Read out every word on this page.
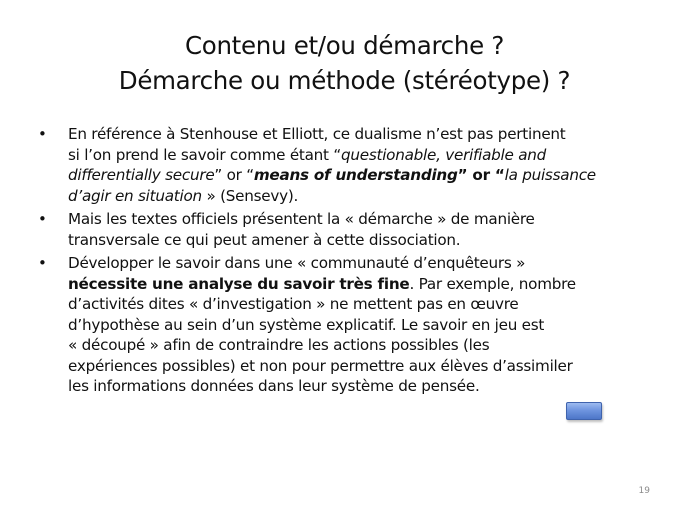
Contenu et/ou démarche ?
Démarche ou méthode (stéréotype) ?
• En référence à Stenhouse et Elliott, ce dualisme n’est pas pertinent
si l’on prend le savoir comme étant “questionable, verifiable and
differentially secure” or “means of understanding” or “la puissance
d’agir en situation » (Sensevy).
• Mais les textes officiels présentent la « démarche » de manière
transversale ce qui peut amener à cette dissociation.
• Développer le savoir dans une « communauté d’enquêteurs »
nécessite une analyse du savoir très fine. Par exemple, nombre
d’activités dites « d’investigation » ne mettent pas en œuvre
d’hypothèse au sein d’un système explicatif. Le savoir en jeu est
« découpé » afin de contraindre les actions possibles (les
expériences possibles) et non pour permettre aux élèves d’assimiler
les informations données dans leur système de pensée.
19
